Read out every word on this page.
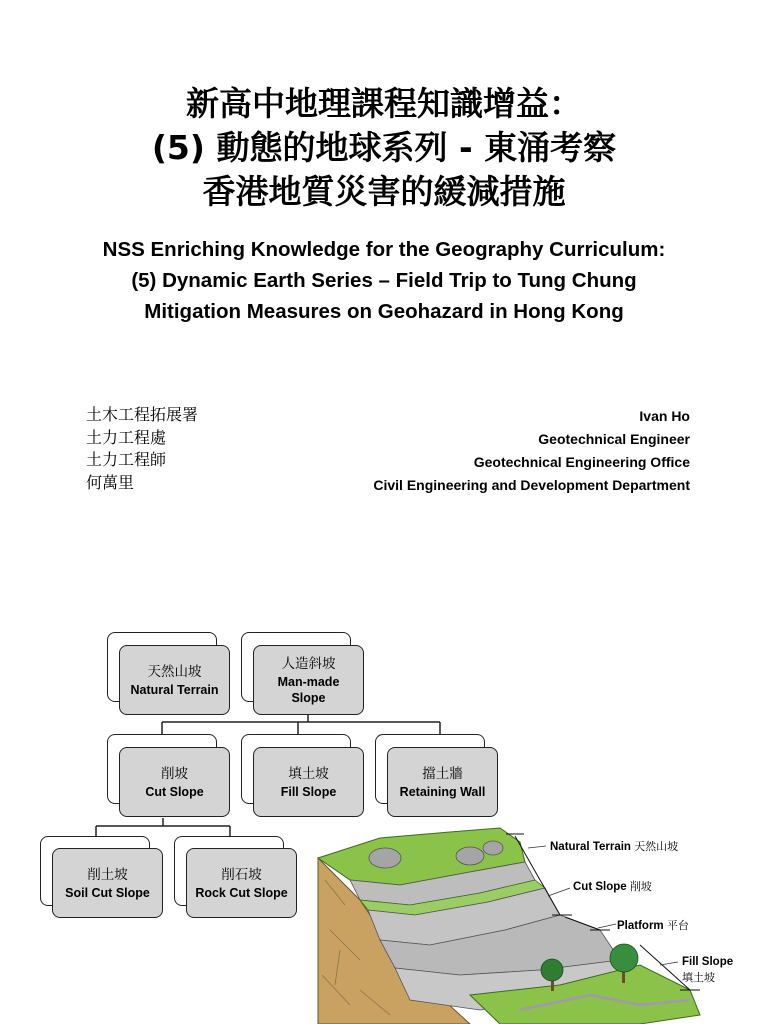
新高中地理課程知識增益：
(5) 動態的地球系列 - 東涌考察
香港地質災害的緩減措施
NSS Enriching Knowledge for the Geography Curriculum:
(5) Dynamic Earth Series – Field Trip to Tung Chung
Mitigation Measures on Geohazard in Hong Kong
土木工程拓展署
土力工程處
土力工程師
何萬里
Ivan Ho
Geotechnical Engineer
Geotechnical Engineering Office
Civil Engineering and Development Department
天然山坡
Natural Terrain
人造斜坡
Man-made Slope
削坡
Cut Slope
填土坡
Fill Slope
擋土牆
Retaining Wall
削土坡
Soil Cut Slope
削石坡
Rock Cut Slope
Natural Terrain 天然山坡
Cut Slope 削坡
Platform 平台
Fill Slope
填土坡
